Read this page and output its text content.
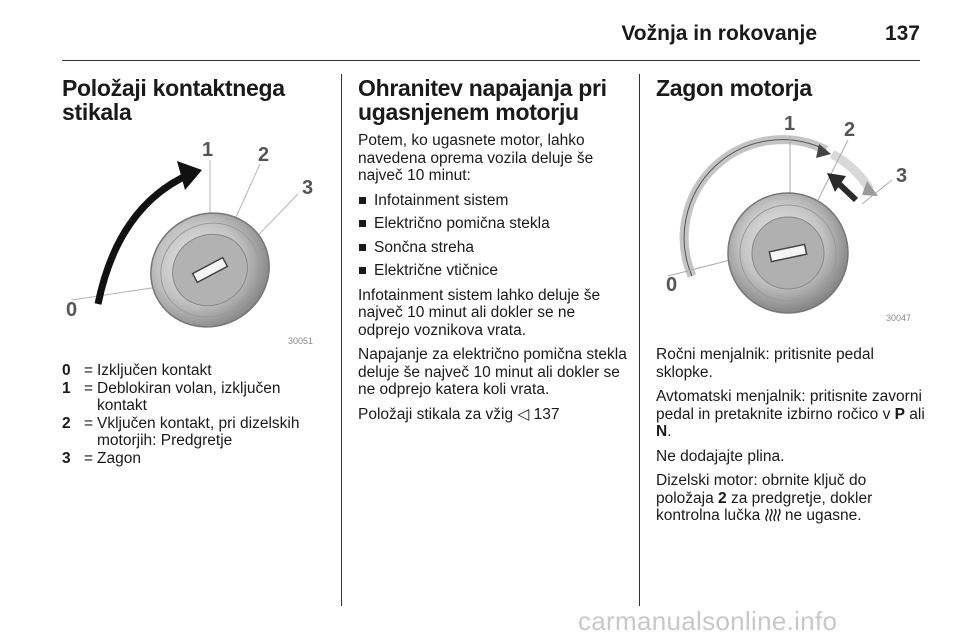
Vožnja in rokovanje	137
Položaji kontaktnega stikala
0
1 2
3
30051
0 = Izključen kontakt
1 = Deblokiran volan, izključen kontakt
2 = Vključen kontakt, pri dizelskih motorjih: Predgretje
3 = Zagon
Ohranitev napajanja pri ugasnjenem motorju

Potem, ko ugasnete motor, lahko navedena oprema vozila deluje še največ 10 minut:

Infotainment sistem
Električno pomična stekla
Sončna streha
Električne vtičnice

Infotainment sistem lahko deluje še največ 10 minut ali dokler se ne odprejo voznikova vrata.

Napajanje za električno pomična stekla deluje še največ 10 minut ali dokler se ne odprejo katera koli vrata.

Položaji stikala za vžig ◁ 137

Zagon motorja
0
1 2
3
30047

Ročni menjalnik: pritisnite pedal sklopke.

Avtomatski menjalnik: pritisnite zavorni pedal in pretaknite izbirno ročico v P ali N.

Ne dodajajte plina.

Dizelski motor: obrnite ključ do položaja 2 za predgretje, dokler kontrolna lučka  ne ugasne.

carmanualsonline.info
